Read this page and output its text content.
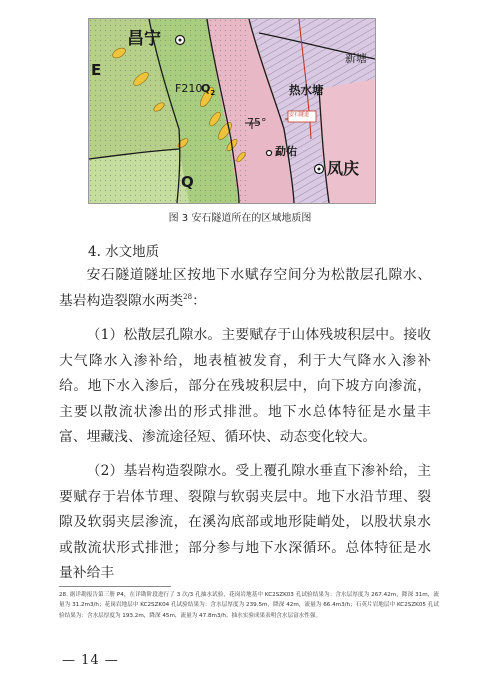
昌宁
新塘
E
F210
$Q_2$	热水塘
安石隧道
75°
勐佑
凤庆
Q
图 3 安石隧道所在的区域地质图
4. 水文地质

安石隧道隧址区按地下水赋存空间分为松散层孔隙水、基岩构造裂隙水两类$^{28}$：

（1）松散层孔隙水。主要赋存于山体残坡积层中。接收大气降水入渗补给，地表植被发育，利于大气降水入渗补给。地下水入渗后，部分在残坡积层中，向下坡方向渗流，主要以散流状渗出的形式排泄。地下水总体特征是水量丰富、埋藏浅、渗流途径短、循环快、动态变化较大。

（2）基岩构造裂隙水。受上覆孔隙水垂直下渗补给，主要赋存于岩体节理、裂隙与软弱夹层中。地下水沿节理、裂隙及软弱夹层渗流，在溪沟底部或地形陡峭处，以股状泉水或散流状形式排泄；部分参与地下水深循环。总体特征是水量补给丰

28. 据详勘报告第三册 P4，在详勘阶段进行了 3 次/3 孔抽水试验，花岗岩地基中 KC2SZK03 孔试验结果为：含水层厚度为 267.42m，降深 31m，流量为 31.2m3/h；花岗岩地层中 KC2SZK04 孔试验结果为：含水层厚度为 239.5m，降深 42m，流量为 66.4m3/h；石英片岩地层中 KC2SZK05 孔试验结果为：含水层厚度为 193.2m，降深 45m，流量为 47.8m3/h。抽水实验成果表明含水层富水性强。

— 14 —
